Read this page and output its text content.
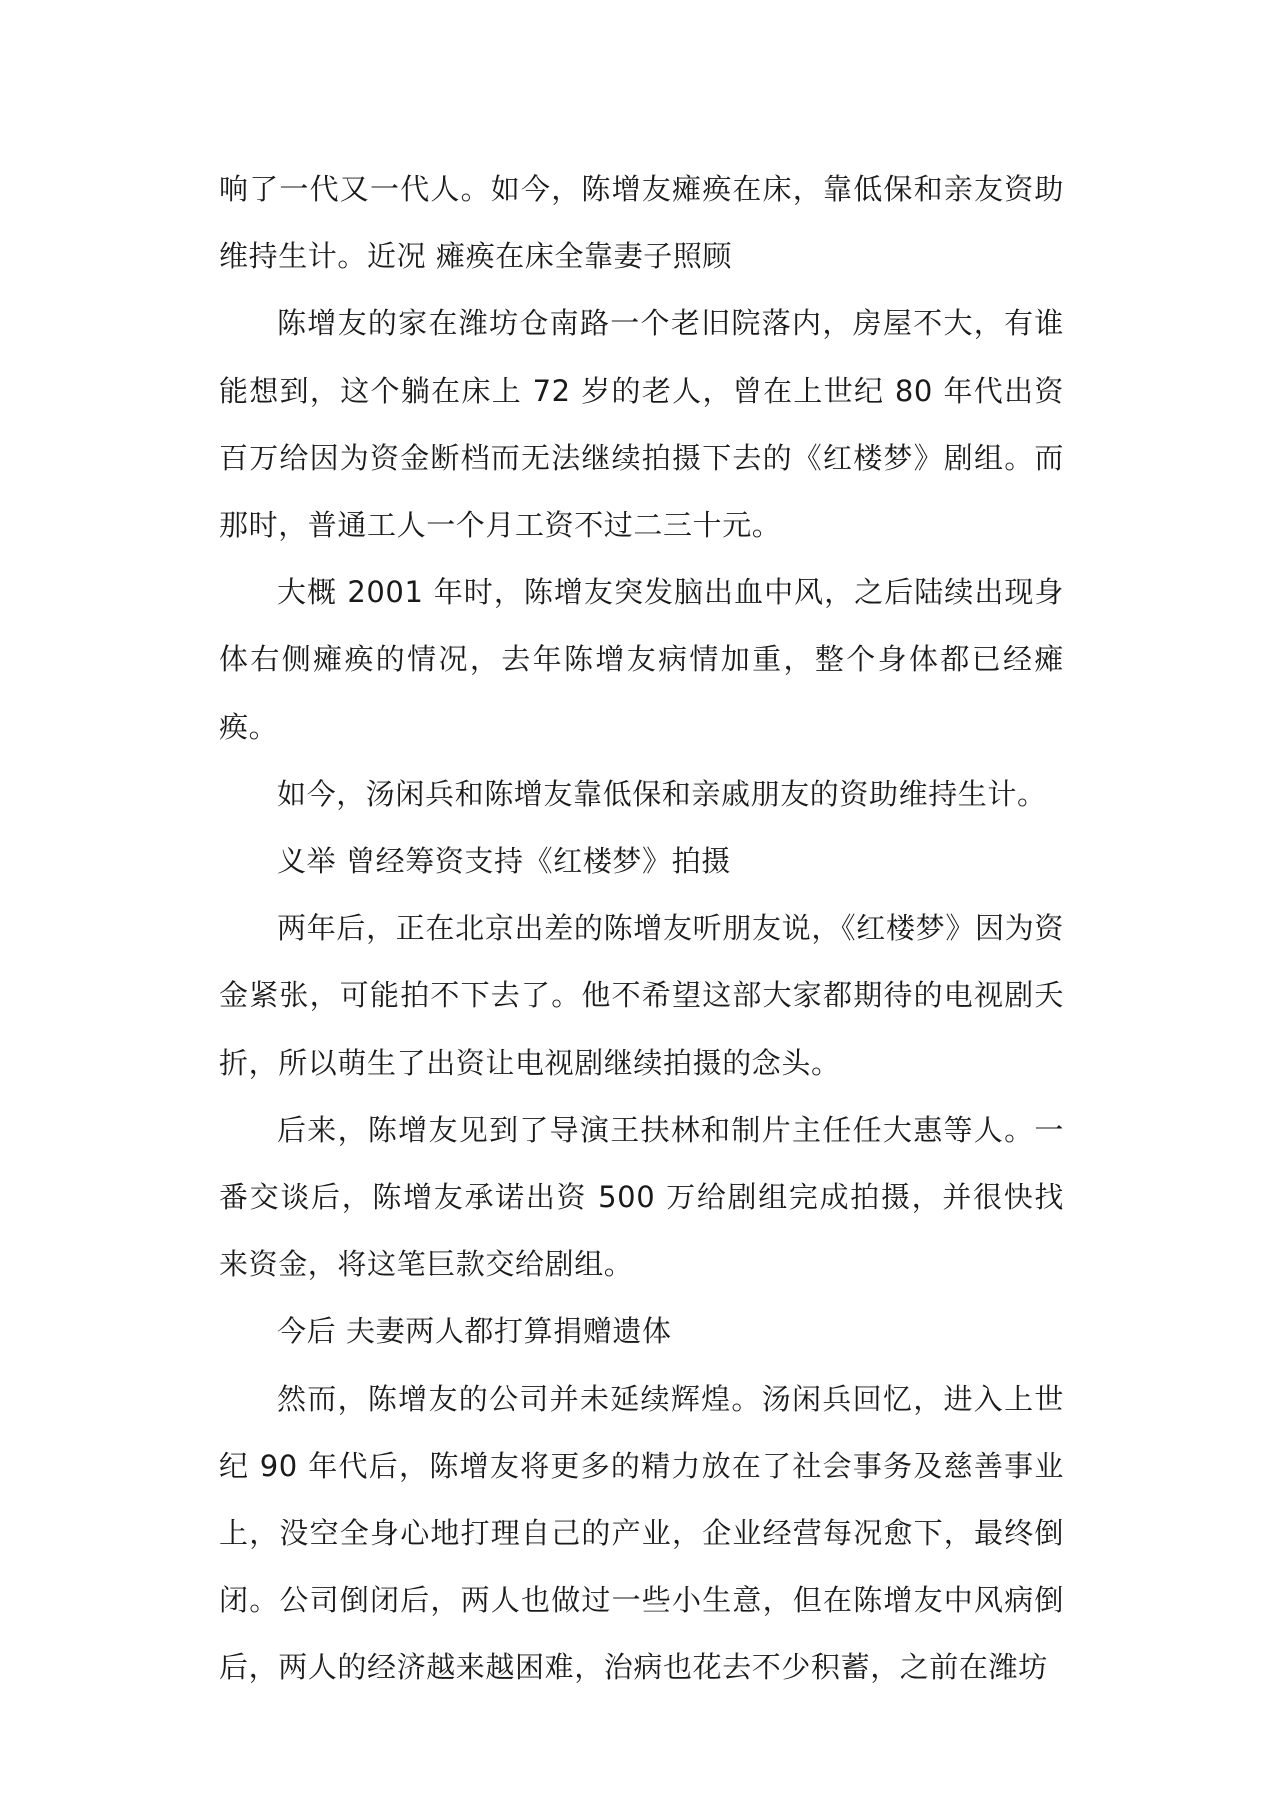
响了一代又一代人。如今，陈增友瘫痪在床，靠低保和亲友资助维持生计。近况 瘫痪在床全靠妻子照顾

陈增友的家在潍坊仓南路一个老旧院落内，房屋不大，有谁能想到，这个躺在床上 72 岁的老人，曾在上世纪 80 年代出资百万给因为资金断档而无法继续拍摄下去的《红楼梦》剧组。而那时，普通工人一个月工资不过二三十元。

大概 2001 年时，陈增友突发脑出血中风，之后陆续出现身体右侧瘫痪的情况，去年陈增友病情加重，整个身体都已经瘫痪。

如今，汤闲兵和陈增友靠低保和亲戚朋友的资助维持生计。

义举 曾经筹资支持《红楼梦》拍摄

两年后，正在北京出差的陈增友听朋友说，《红楼梦》因为资金紧张，可能拍不下去了。他不希望这部大家都期待的电视剧夭折，所以萌生了出资让电视剧继续拍摄的念头。

后来，陈增友见到了导演王扶林和制片主任任大惠等人。一番交谈后，陈增友承诺出资 500 万给剧组完成拍摄，并很快找来资金，将这笔巨款交给剧组。

今后 夫妻两人都打算捐赠遗体

然而，陈增友的公司并未延续辉煌。汤闲兵回忆，进入上世纪 90 年代后，陈增友将更多的精力放在了社会事务及慈善事业上，没空全身心地打理自己的产业，企业经营每况愈下，最终倒闭。公司倒闭后，两人也做过一些小生意，但在陈增友中风病倒后，两人的经济越来越困难，治病也花去不少积蓄，之前在潍坊
